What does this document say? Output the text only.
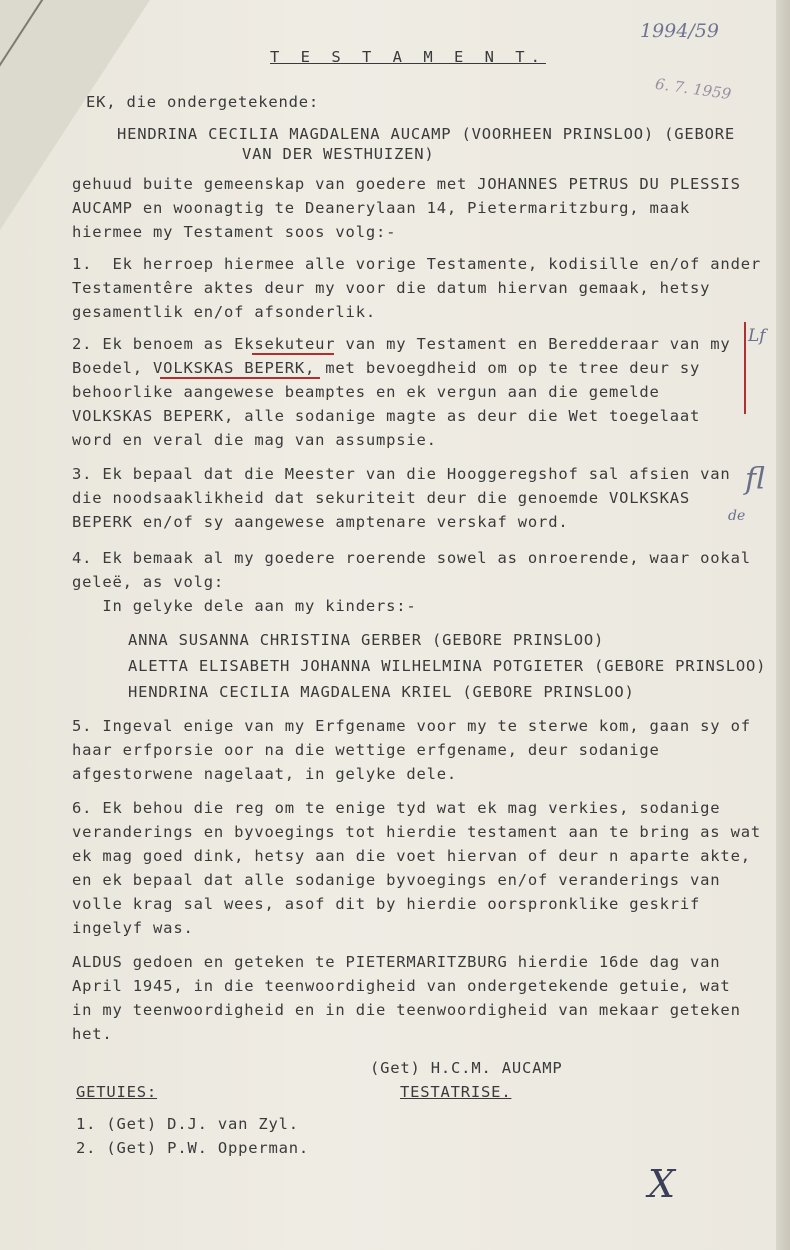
1994/59
6. 7. 1959
T E S T A M E N T.
EK, die ondergetekende:
HENDRINA CECILIA MAGDALENA AUCAMP (VOORHEEN PRINSLOO) (GEBORE
VAN DER WESTHUIZEN)
gehuud buite gemeenskap van goedere met JOHANNES PETRUS DU PLESSIS
AUCAMP en woonagtig te Deanerylaan 14, Pietermaritzburg, maak
hiermee my Testament soos volg:-
1.  Ek herroep hiermee alle vorige Testamente, kodisille en/of ander
Testamentêre aktes deur my voor die datum hiervan gemaak, hetsy
gesamentlik en/of afsonderlik.
2. Ek benoem as Eksekuteur van my Testament en Beredderaar van my
Boedel, VOLKSKAS BEPERK, met bevoegdheid om op te tree deur sy
behoorlike aangewese beamptes en ek vergun aan die gemelde
VOLKSKAS BEPERK, alle sodanige magte as deur die Wet toegelaat
word en veral die mag van assumpsie.
Lf
3. Ek bepaal dat die Meester van die Hooggeregshof sal afsien van
die noodsaaklikheid dat sekuriteit deur die genoemde VOLKSKAS
BEPERK en/of sy aangewese amptenare verskaf word.
fl
de
4. Ek bemaak al my goedere roerende sowel as onroerende, waar ookal
geleë, as volg:
In gelyke dele aan my kinders:-
ANNA SUSANNA CHRISTINA GERBER (GEBORE PRINSLOO)
ALETTA ELISABETH JOHANNA WILHELMINA POTGIETER (GEBORE PRINSLOO)
HENDRINA CECILIA MAGDALENA KRIEL (GEBORE PRINSLOO)
5. Ingeval enige van my Erfgename voor my te sterwe kom, gaan sy of
haar erfporsie oor na die wettige erfgename, deur sodanige
afgestorwene nagelaat, in gelyke dele.
6. Ek behou die reg om te enige tyd wat ek mag verkies, sodanige
veranderings en byvoegings tot hierdie testament aan te bring as wat
ek mag goed dink, hetsy aan die voet hiervan of deur n aparte akte,
en ek bepaal dat alle sodanige byvoegings en/of veranderings van
volle krag sal wees, asof dit by hierdie oorspronklike geskrif
ingelyf was.
ALDUS gedoen en geteken te PIETERMARITZBURG hierdie 16de dag van
April 1945, in die teenwoordigheid van ondergetekende getuie, wat
in my teenwoordigheid en in die teenwoordigheid van mekaar geteken
het.
(Get) H.C.M. AUCAMP
TESTATRISE.
GETUIES:
1. (Get) D.J. van Zyl.
2. (Get) P.W. Opperman.
X
